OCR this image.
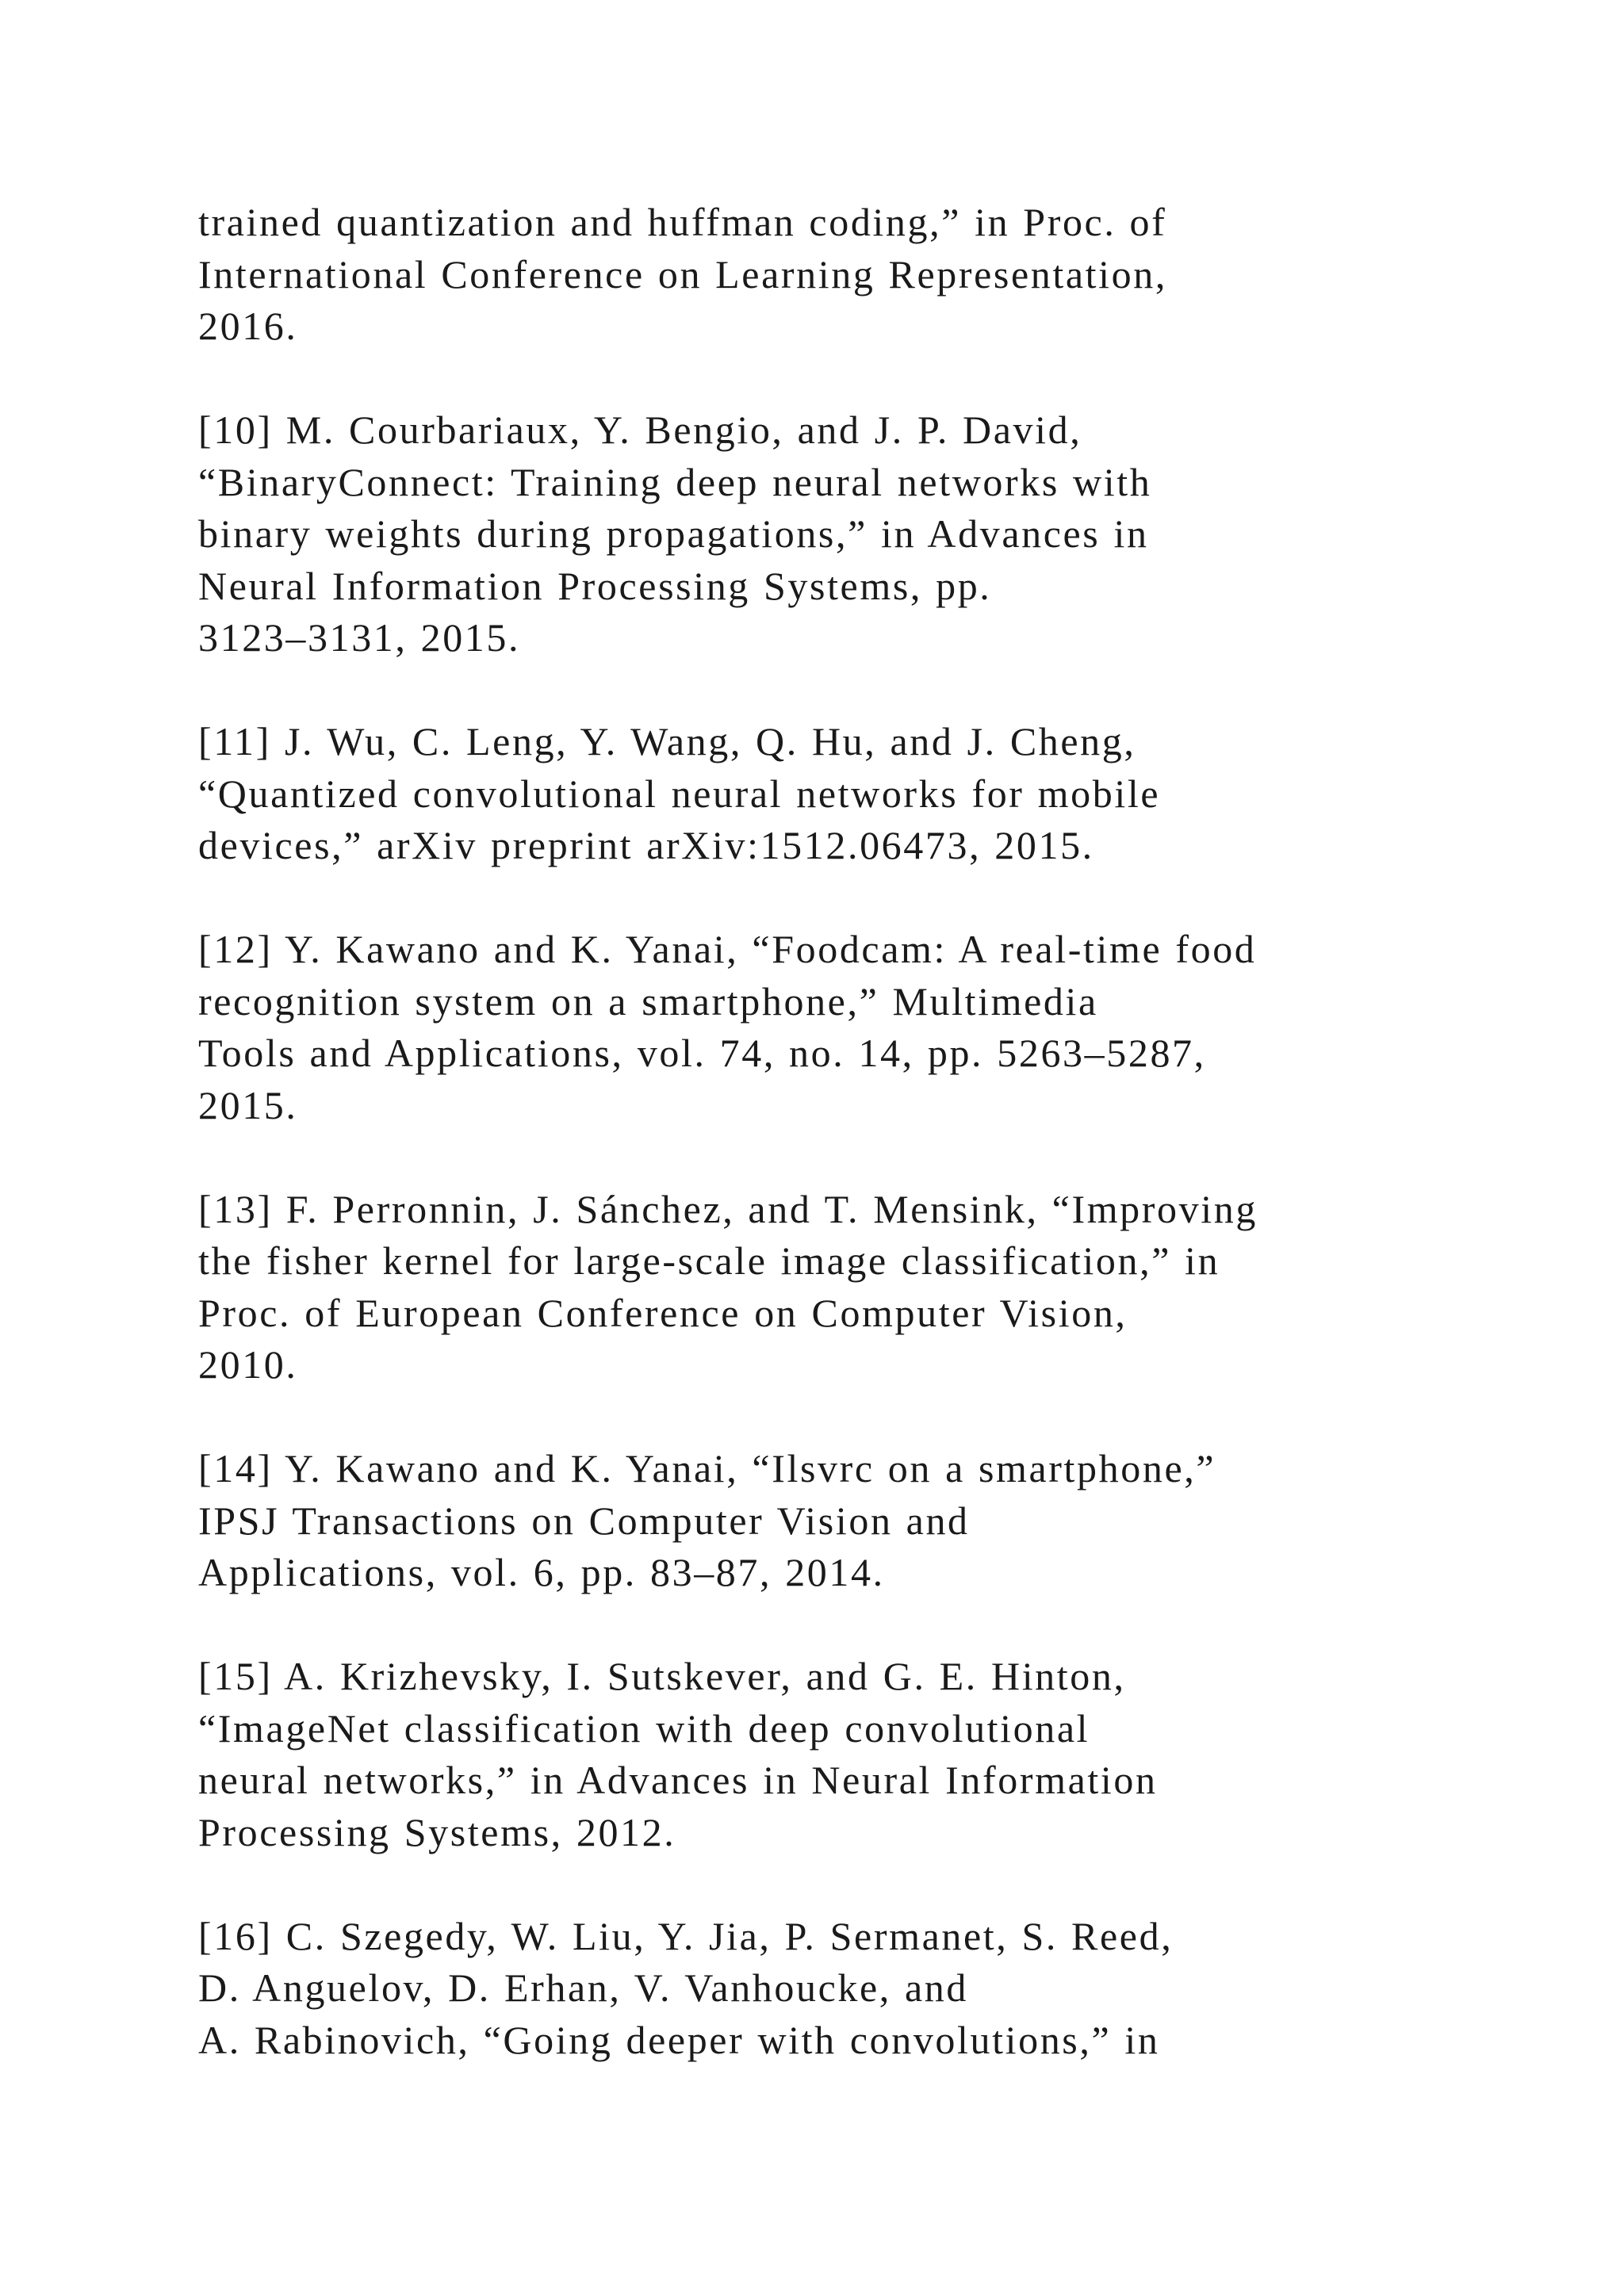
trained quantization and huffman coding,” in Proc. of
International Conference on Learning Representation,
2016.
[10] M. Courbariaux, Y. Bengio, and J. P. David,
“BinaryConnect: Training deep neural networks with
binary weights during propagations,” in Advances in
Neural Information Processing Systems, pp.
3123–3131, 2015.
[11] J. Wu, C. Leng, Y. Wang, Q. Hu, and J. Cheng,
“Quantized convolutional neural networks for mobile
devices,” arXiv preprint arXiv:1512.06473, 2015.
[12] Y. Kawano and K. Yanai, “Foodcam: A real-time food
recognition system on a smartphone,” Multimedia
Tools and Applications, vol. 74, no. 14, pp. 5263–5287,
2015.
[13] F. Perronnin, J. Sánchez, and T. Mensink, “Improving
the fisher kernel for large-scale image classification,” in
Proc. of European Conference on Computer Vision,
2010.
[14] Y. Kawano and K. Yanai, “Ilsvrc on a smartphone,”
IPSJ Transactions on Computer Vision and
Applications, vol. 6, pp. 83–87, 2014.
[15] A. Krizhevsky, I. Sutskever, and G. E. Hinton,
“ImageNet classification with deep convolutional
neural networks,” in Advances in Neural Information
Processing Systems, 2012.
[16] C. Szegedy, W. Liu, Y. Jia, P. Sermanet, S. Reed,
D. Anguelov, D. Erhan, V. Vanhoucke, and
A. Rabinovich, “Going deeper with convolutions,” in
